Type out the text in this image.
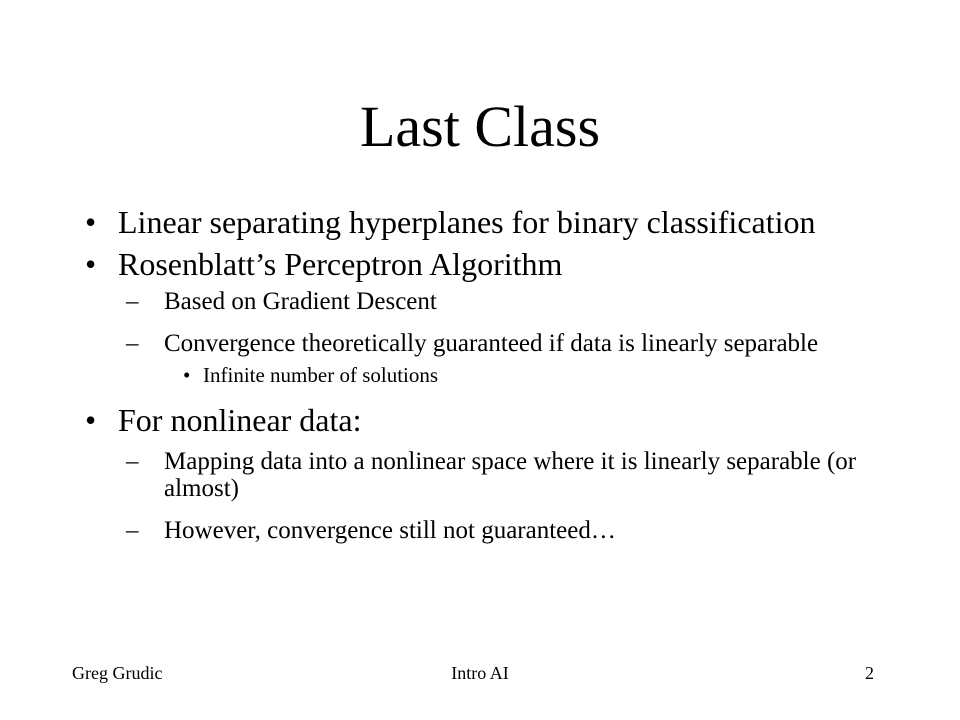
Last Class
• Linear separating hyperplanes for binary classification
• Rosenblatt’s Perceptron Algorithm
– Based on Gradient Descent
– Convergence theoretically guaranteed if data is linearly separable
• Infinite number of solutions
• For nonlinear data:
– Mapping data into a nonlinear space where it is linearly separable (or almost)
– However, convergence still not guaranteed…
Greg Grudic	Intro AI	2
